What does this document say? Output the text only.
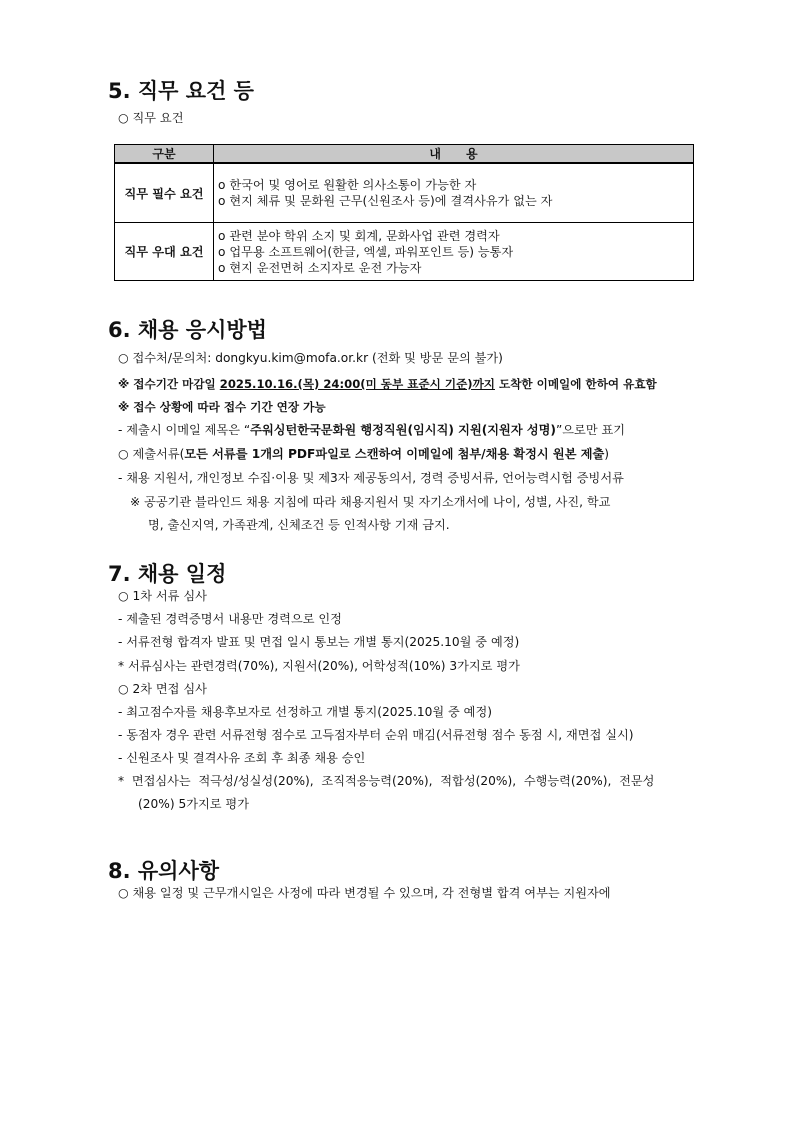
5. 직무 요건 등
○ 직무 요건
구분	내      용
직무 필수 요건	o 한국어 및 영어로 원활한 의사소통이 가능한 자
o 현지 체류 및 문화원 근무(신원조사 등)에 결격사유가 없는 자

직무 우대 요건	o 관련 분야 학위 소지 및 회계, 문화사업 관련 경력자
o 업무용 소프트웨어(한글, 엑셀, 파워포인트 등) 능통자
o 현지 운전면허 소지자로 운전 가능자
6. 채용 응시방법
○ 접수처/문의처: dongkyu.kim@mofa.or.kr (전화 및 방문 문의 불가)
※ 접수기간 마감일 2025.10.16.(목) 24:00(미 동부 표준시 기준)까지 도착한 이메일에 한하여 유효함
※ 접수 상황에 따라 접수 기간 연장 가능
- 제출시 이메일 제목은 “주워싱턴한국문화원 행정직원(임시직) 지원(지원자 성명)”으로만 표기
○ 제출서류(모든 서류를 1개의 PDF파일로 스캔하여 이메일에 첨부/채용 확정시 원본 제출)
- 채용 지원서, 개인정보 수집·이용 및 제3자 제공동의서, 경력 증빙서류, 언어능력시험 증빙서류
※ 공공기관 블라인드 채용 지침에 따라 채용지원서 및 자기소개서에 나이, 성별, 사진, 학교
명, 출신지역, 가족관계, 신체조건 등 인적사항 기재 금지.
7. 채용 일정
○ 1차 서류 심사
- 제출된 경력증명서 내용만 경력으로 인정
- 서류전형 합격자 발표 및 면접 일시 통보는 개별 통지(2025.10월 중 예정)
* 서류심사는 관련경력(70%), 지원서(20%), 어학성적(10%) 3가지로 평가
○ 2차 면접 심사
- 최고점수자를 채용후보자로 선정하고 개별 통지(2025.10월 중 예정)
- 동점자 경우 관련 서류전형 점수로 고득점자부터 순위 매김(서류전형 점수 동점 시, 재면접 실시)
- 신원조사 및 결격사유 조회 후 최종 채용 승인
*  면접심사는  적극성/성실성(20%),  조직적응능력(20%),  적합성(20%),  수행능력(20%),  전문성
(20%) 5가지로 평가
8. 유의사항
○ 채용 일정 및 근무개시일은 사정에 따라 변경될 수 있으며, 각 전형별 합격 여부는 지원자에
